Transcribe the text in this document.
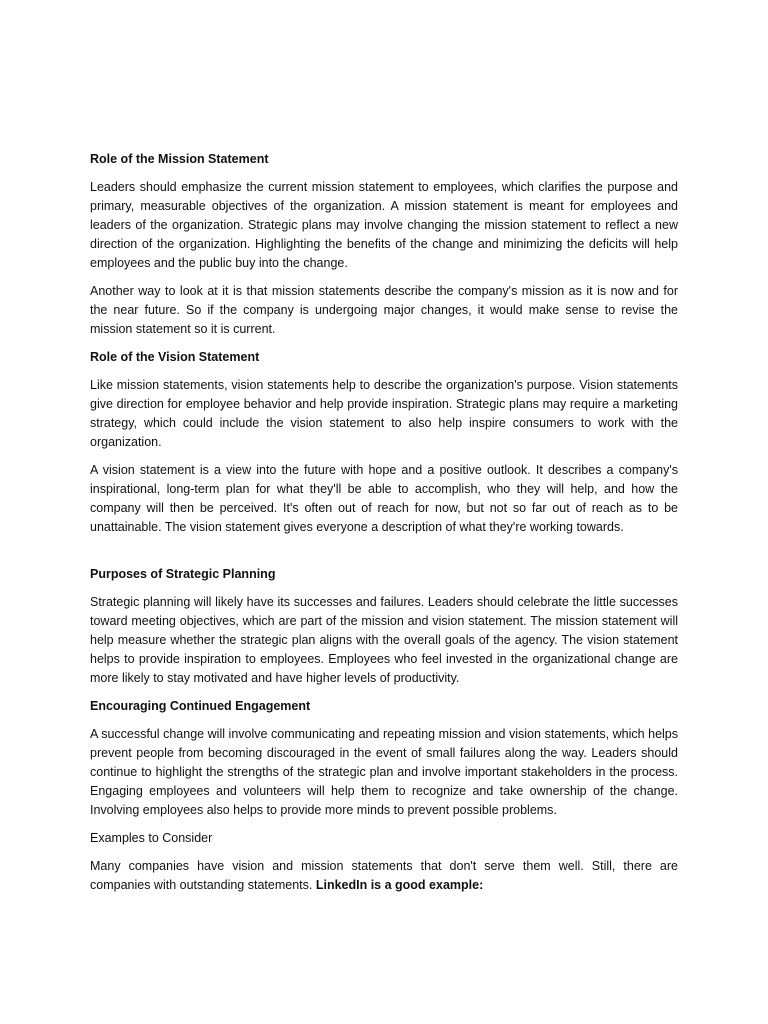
Role of the Mission Statement

Leaders should emphasize the current mission statement to employees, which clarifies the purpose and primary, measurable objectives of the organization. A mission statement is meant for employees and leaders of the organization. Strategic plans may involve changing the mission statement to reflect a new direction of the organization. Highlighting the benefits of the change and minimizing the deficits will help employees and the public buy into the change.

Another way to look at it is that mission statements describe the company's mission as it is now and for the near future. So if the company is undergoing major changes, it would make sense to revise the mission statement so it is current.

Role of the Vision Statement

Like mission statements, vision statements help to describe the organization's purpose. Vision statements give direction for employee behavior and help provide inspiration. Strategic plans may require a marketing strategy, which could include the vision statement to also help inspire consumers to work with the organization.

A vision statement is a view into the future with hope and a positive outlook. It describes a company's inspirational, long-term plan for what they'll be able to accomplish, who they will help, and how the company will then be perceived. It's often out of reach for now, but not so far out of reach as to be unattainable. The vision statement gives everyone a description of what they're working towards.

Purposes of Strategic Planning

Strategic planning will likely have its successes and failures. Leaders should celebrate the little successes toward meeting objectives, which are part of the mission and vision statement. The mission statement will help measure whether the strategic plan aligns with the overall goals of the agency. The vision statement helps to provide inspiration to employees. Employees who feel invested in the organizational change are more likely to stay motivated and have higher levels of productivity.

Encouraging Continued Engagement

A successful change will involve communicating and repeating mission and vision statements, which helps prevent people from becoming discouraged in the event of small failures along the way. Leaders should continue to highlight the strengths of the strategic plan and involve important stakeholders in the process. Engaging employees and volunteers will help them to recognize and take ownership of the change. Involving employees also helps to provide more minds to prevent possible problems.

Examples to Consider

Many companies have vision and mission statements that don't serve them well. Still, there are companies with outstanding statements. LinkedIn is a good example:
